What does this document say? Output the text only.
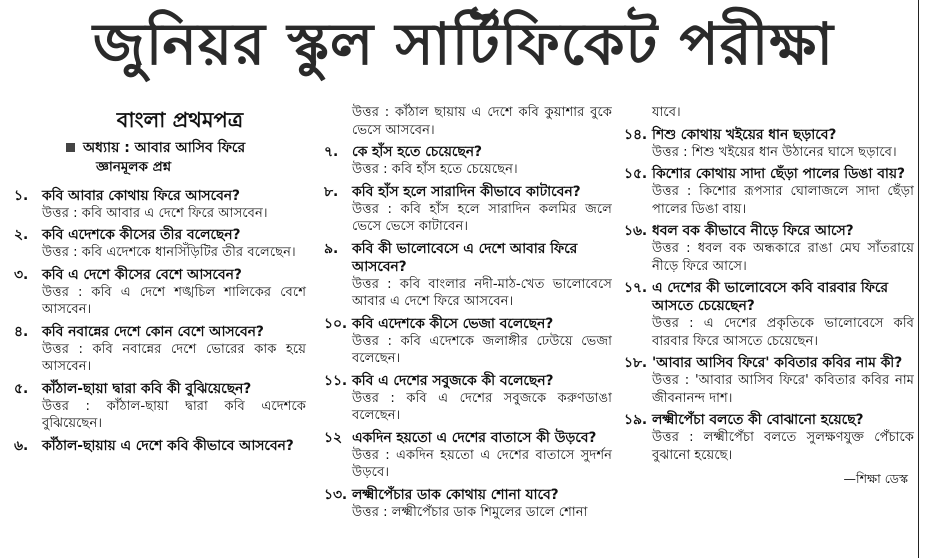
জুনিয়র স্কুল সার্টিফিকেট পরীক্ষা
বাংলা প্রথমপত্র
অধ্যায় : আবার আসিব ফিরে
জ্ঞানমূলক প্রশ্ন
১. কবি আবার কোথায় ফিরে আসবেন?
উত্তর : কবি আবার এ দেশে ফিরে আসবেন।
২. কবি এদেশকে কীসের তীর বলেছেন?
উত্তর : কবি এদেশকে ধানসিঁড়িটির তীর বলেছেন।
৩. কবি এ দেশে কীসের বেশে আসবেন?
উত্তর : কবি এ দেশে শঙ্খচিল শালিকের বেশে আসবেন।
৪. কবি নবান্নের দেশে কোন বেশে আসবেন?
উত্তর : কবি নবান্নের দেশে ভোরের কাক হয়ে আসবেন।
৫. কাঁঠাল-ছায়া দ্বারা কবি কী বুঝিয়েছেন?
উত্তর : কাঁঠাল-ছায়া দ্বারা কবি এদেশকে বুঝিয়েছেন।
৬. কাঁঠাল-ছায়ায় এ দেশে কবি কীভাবে আসবেন?
উত্তর : কাঁঠাল ছায়ায় এ দেশে কবি কুয়াশার বুকে ভেসে আসবেন।
৭. কে হাঁস হতে চেয়েছেন?
উত্তর : কবি হাঁস হতে চেয়েছেন।
৮. কবি হাঁস হলে সারাদিন কীভাবে কাটাবেন?
উত্তর : কবি হাঁস হলে সারাদিন কলমির জলে ভেসে ভেসে কাটাবেন।
৯. কবি কী ভালোবেসে এ দেশে আবার ফিরে আসবেন?
উত্তর : কবি বাংলার নদী-মাঠ-খেত ভালোবেসে আবার এ দেশে ফিরে আসবেন।
১০. কবি এদেশকে কীসে ভেজা বলেছেন?
উত্তর : কবি এদেশকে জলাঙ্গীর ঢেউয়ে ভেজা বলেছেন।
১১. কবি এ দেশের সবুজকে কী বলেছেন?
উত্তর : কবি এ দেশের সবুজকে করুণডাঙা বলেছেন।
১২ একদিন হয়তো এ দেশের বাতাসে কী উড়বে?
উত্তর : একদিন হয়তো এ দেশের বাতাসে সুদর্শন উড়বে।
১৩. লক্ষ্মীপেঁচার ডাক কোথায় শোনা যাবে?
উত্তর : লক্ষ্মীপেঁচার ডাক শিমুলের ডালে শোনা
যাবে।
১৪. শিশু কোথায় খইয়ের ধান ছড়াবে?
উত্তর : শিশু খইয়ের ধান উঠানের ঘাসে ছড়াবে।
১৫. কিশোর কোথায় সাদা ছেঁড়া পালের ডিঙা বায়?
উত্তর : কিশোর রূপসার ঘোলাজলে সাদা ছেঁড়া পালের ডিঙা বায়।
১৬. ধবল বক কীভাবে নীড়ে ফিরে আসে?
উত্তর : ধবল বক অন্ধকারে রাঙা মেঘ সাঁতরায়ে নীড়ে ফিরে আসে।
১৭. এ দেশের কী ভালোবেসে কবি বারবার ফিরে আসতে চেয়েছেন?
উত্তর : এ দেশের প্রকৃতিকে ভালোবেসে কবি বারবার ফিরে আসতে চেয়েছেন।
১৮. 'আবার আসিব ফিরে' কবিতার কবির নাম কী?
উত্তর : 'আবার আসিব ফিরে' কবিতার কবির নাম জীবনানন্দ দাশ।
১৯. লক্ষ্মীপেঁচা বলতে কী বোঝানো হয়েছে?
উত্তর : লক্ষ্মীপেঁচা বলতে সুলক্ষণযুক্ত পেঁচাকে বুঝানো হয়েছে।
—শিক্ষা ডেস্ক
